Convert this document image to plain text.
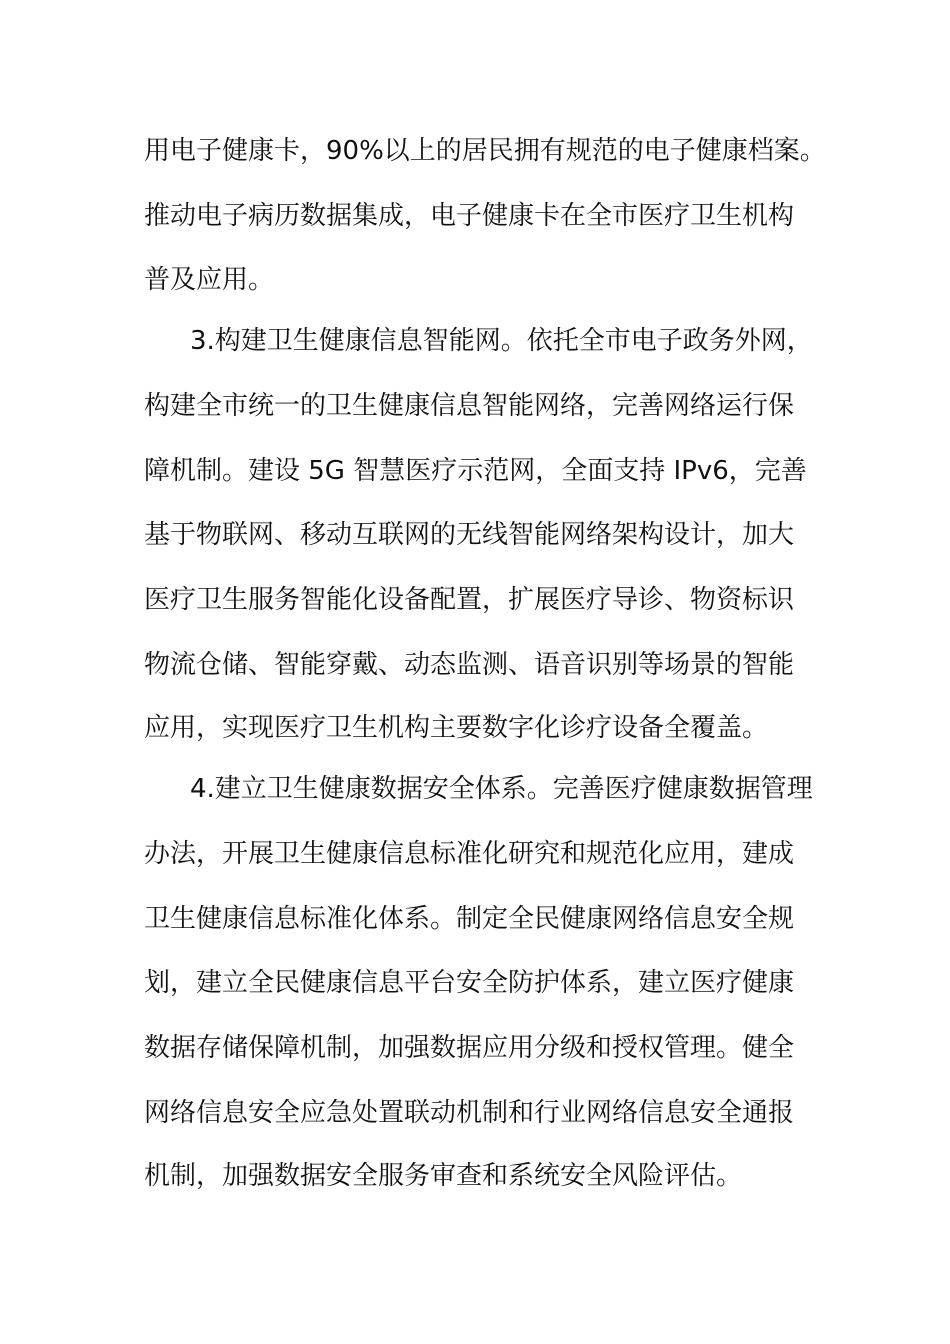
用电子健康卡，90%以上的居民拥有规范的电子健康档案。
推动电子病历数据集成，电子健康卡在全市医疗卫生机构
普及应用。
3.构建卫生健康信息智能网。依托全市电子政务外网，
构建全市统一的卫生健康信息智能网络，完善网络运行保
障机制。建设 5G 智慧医疗示范网，全面支持 IPv6，完善
基于物联网、移动互联网的无线智能网络架构设计，加大
医疗卫生服务智能化设备配置，扩展医疗导诊、物资标识
物流仓储、智能穿戴、动态监测、语音识别等场景的智能
应用，实现医疗卫生机构主要数字化诊疗设备全覆盖。
4.建立卫生健康数据安全体系。完善医疗健康数据管理
办法，开展卫生健康信息标准化研究和规范化应用，建成
卫生健康信息标准化体系。制定全民健康网络信息安全规
划，建立全民健康信息平台安全防护体系，建立医疗健康
数据存储保障机制，加强数据应用分级和授权管理。健全
网络信息安全应急处置联动机制和行业网络信息安全通报
机制，加强数据安全服务审查和系统安全风险评估。
